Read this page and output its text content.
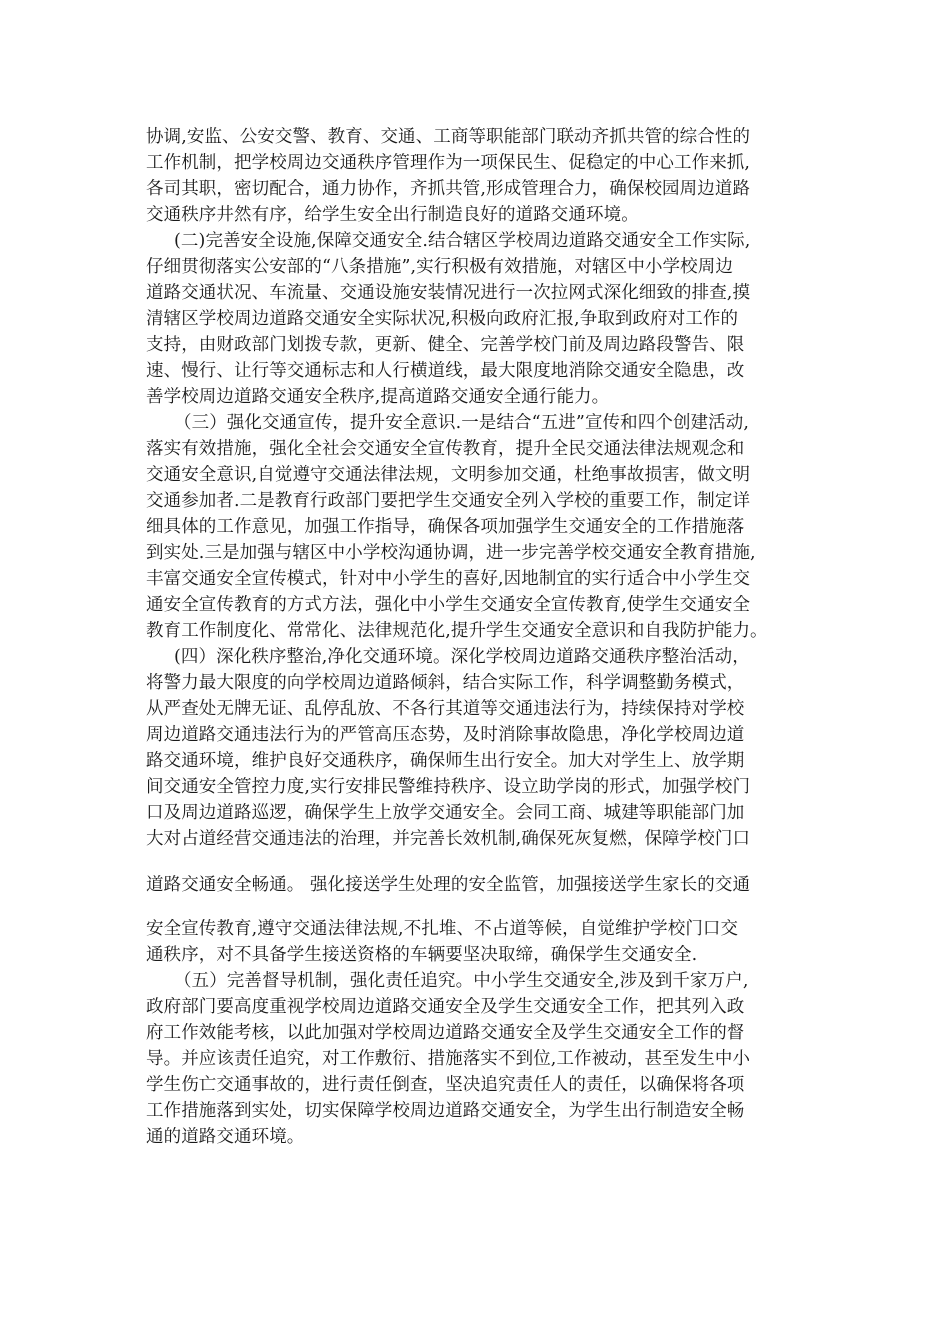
协调,安监、公安交警、教育、交通、工商等职能部门联动齐抓共管的综合性的
工作机制，把学校周边交通秩序管理作为一项保民生、促稳定的中心工作来抓,
各司其职，密切配合，通力协作，齐抓共管,形成管理合力，确保校园周边道路
交通秩序井然有序，给学生安全出行制造良好的道路交通环境。
(二)完善安全设施,保障交通安全.结合辖区学校周边道路交通安全工作实际,
仔细贯彻落实公安部的“八条措施”,实行积极有效措施，对辖区中小学校周边
道路交通状况、车流量、交通设施安装情况进行一次拉网式深化细致的排查,摸
清辖区学校周边道路交通安全实际状况,积极向政府汇报,争取到政府对工作的
支持，由财政部门划拨专款，更新、健全、完善学校门前及周边路段警告、限
速、慢行、让行等交通标志和人行横道线，最大限度地消除交通安全隐患，改
善学校周边道路交通安全秩序,提高道路交通安全通行能力。
（三）强化交通宣传，提升安全意识.一是结合“五进”宣传和四个创建活动,
落实有效措施，强化全社会交通安全宣传教育，提升全民交通法律法规观念和
交通安全意识,自觉遵守交通法律法规，文明参加交通，杜绝事故损害，做文明
交通参加者.二是教育行政部门要把学生交通安全列入学校的重要工作，制定详
细具体的工作意见，加强工作指导，确保各项加强学生交通安全的工作措施落
到实处.三是加强与辖区中小学校沟通协调，进一步完善学校交通安全教育措施,
丰富交通安全宣传模式，针对中小学生的喜好,因地制宜的实行适合中小学生交
通安全宣传教育的方式方法，强化中小学生交通安全宣传教育,使学生交通安全
教育工作制度化、常常化、法律规范化,提升学生交通安全意识和自我防护能力。
(四）深化秩序整治,净化交通环境。深化学校周边道路交通秩序整治活动，
将警力最大限度的向学校周边道路倾斜，结合实际工作，科学调整勤务模式，
从严查处无牌无证、乱停乱放、不各行其道等交通违法行为，持续保持对学校
周边道路交通违法行为的严管高压态势，及时消除事故隐患，净化学校周边道
路交通环境，维护良好交通秩序，确保师生出行安全。加大对学生上、放学期
间交通安全管控力度,实行安排民警维持秩序、设立助学岗的形式，加强学校门
口及周边道路巡逻，确保学生上放学交通安全。会同工商、城建等职能部门加
大对占道经营交通违法的治理，并完善长效机制,确保死灰复燃，保障学校门口
道路交通安全畅通。 强化接送学生处理的安全监管，加强接送学生家长的交通
安全宣传教育,遵守交通法律法规,不扎堆、不占道等候，自觉维护学校门口交
通秩序，对不具备学生接送资格的车辆要坚决取缔，确保学生交通安全.
（五）完善督导机制，强化责任追究。中小学生交通安全,涉及到千家万户,
政府部门要高度重视学校周边道路交通安全及学生交通安全工作，把其列入政
府工作效能考核，以此加强对学校周边道路交通安全及学生交通安全工作的督
导。并应该责任追究，对工作敷衍、措施落实不到位,工作被动，甚至发生中小
学生伤亡交通事故的，进行责任倒查，坚决追究责任人的责任，以确保将各项
工作措施落到实处，切实保障学校周边道路交通安全，为学生出行制造安全畅
通的道路交通环境。
